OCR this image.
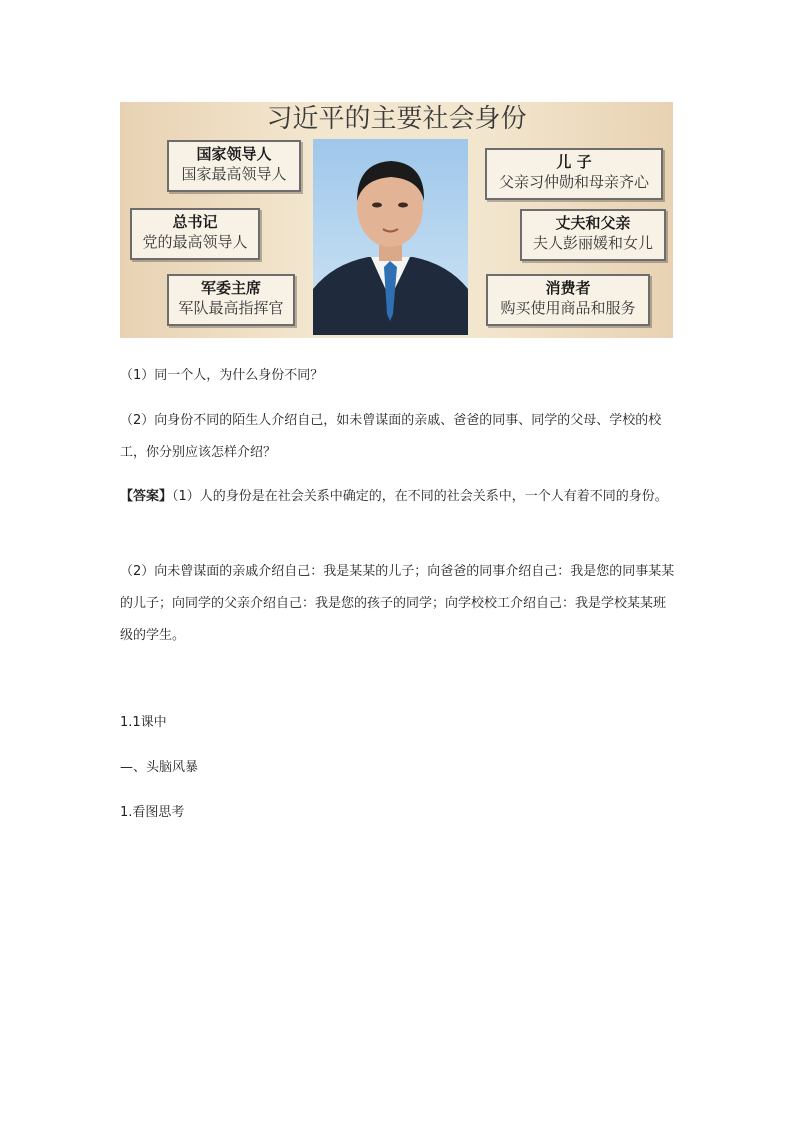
习近平的主要社会身份
国家领导人
国家最高领导人
总书记
党的最高领导人
军委主席
军队最高指挥官
儿 子
父亲习仲勋和母亲齐心
丈夫和父亲
夫人彭丽媛和女儿
消费者
购买使用商品和服务
（1）同一个人，为什么身份不同？
（2）向身份不同的陌生人介绍自己，如未曾谋面的亲戚、爸爸的同事、同学的父母、学校的校工，你分别应该怎样介绍？
【答案】（1）人的身份是在社会关系中确定的，在不同的社会关系中，一个人有着不同的身份。
（2）向未曾谋面的亲戚介绍自己：我是某某的儿子；向爸爸的同事介绍自己：我是您的同事某某的儿子；向同学的父亲介绍自己：我是您的孩子的同学；向学校校工介绍自己：我是学校某某班级的学生。
1.1课中
—、头脑风暴
1.看图思考
